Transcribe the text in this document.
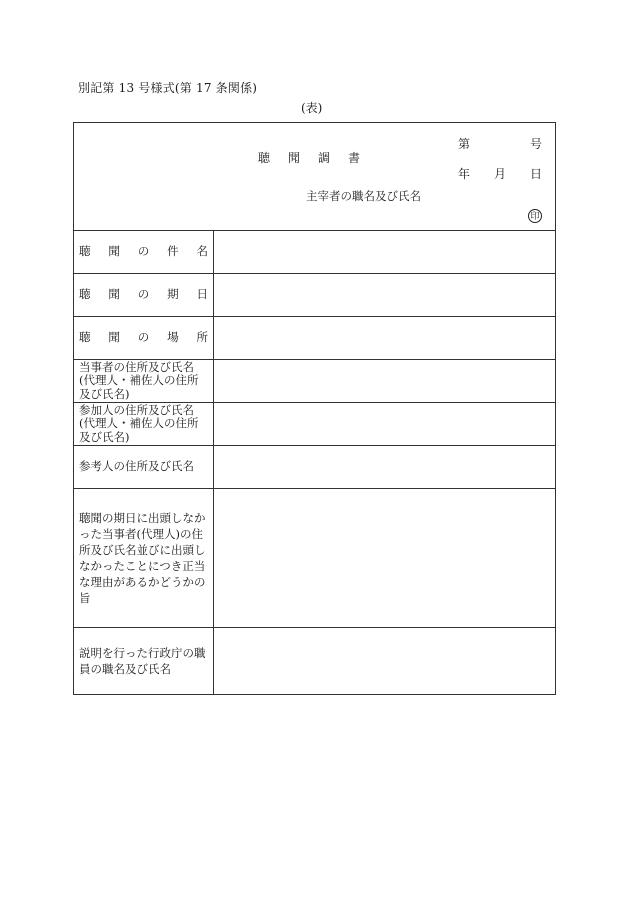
別記第 13 号様式(第 17 条関係)
(表)
聴聞調書
第	号
年 月 日
主宰者の職名及び氏名
印
聴 聞 の 件 名
聴 聞 の 期 日
聴 聞 の 場 所
当事者の住所及び氏名(代理人・補佐人の住所及び氏名)
参加人の住所及び氏名(代理人・補佐人の住所及び氏名)
参考人の住所及び氏名
聴聞の期日に出頭しなかった当事者(代理人)の住所及び氏名並びに出頭しなかったことにつき正当な理由があるかどうかの旨
説明を行った行政庁の職員の職名及び氏名
